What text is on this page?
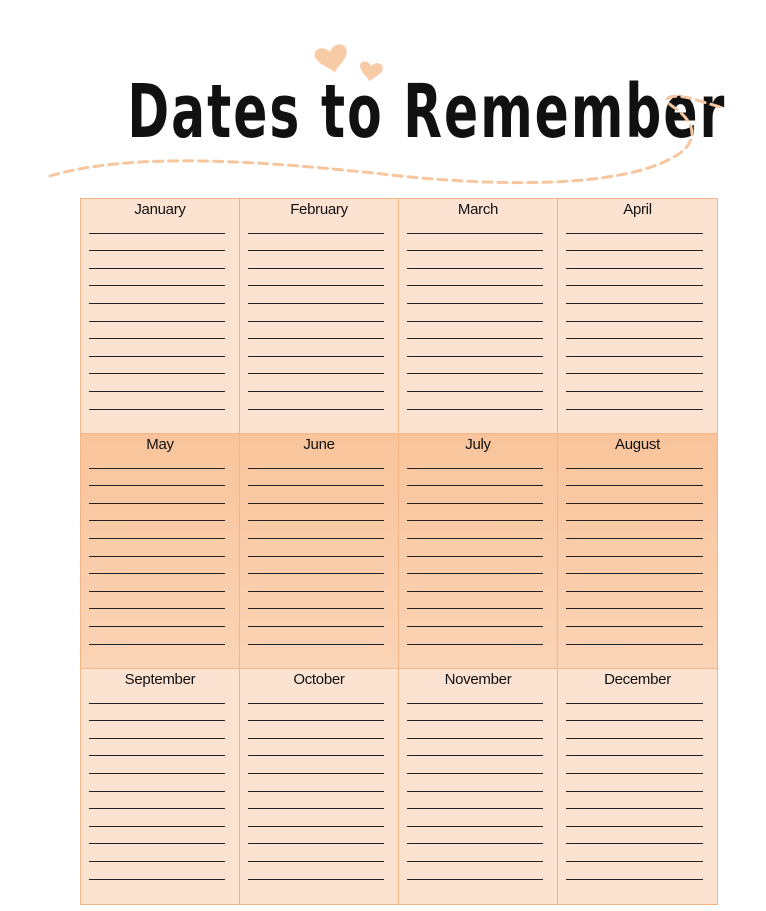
Dates to Remember
January	February	March	April
May	June	July	August
September	October	November	December
